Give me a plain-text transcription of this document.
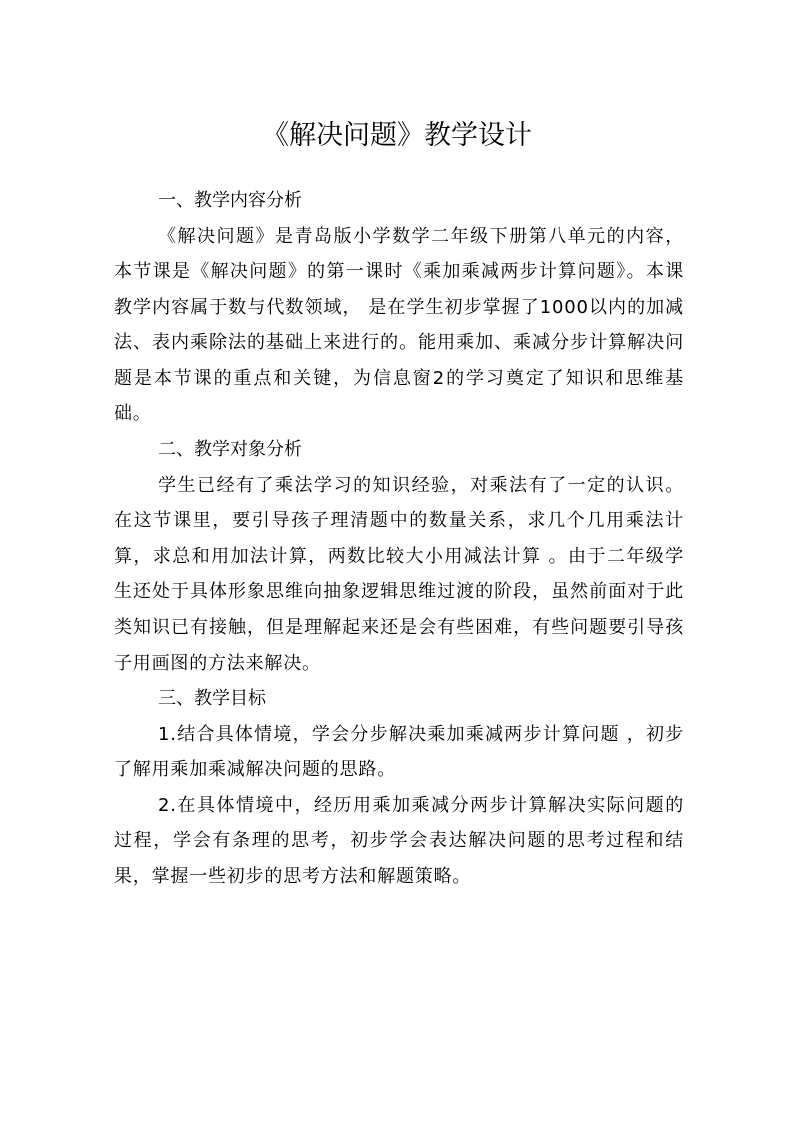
《解决问题》教学设计

一、教学内容分析

《解决问题》是青岛版小学数学二年级下册第八单元的内容，本节课是《解决问题》的第一课时《乘加乘减两步计算问题》。本课教学内容属于数与代数领域， 是在学生初步掌握了1000以内的加减法、表内乘除法的基础上来进行的。能用乘加、乘减分步计算解决问题是本节课的重点和关键，为信息窗2的学习奠定了知识和思维基础。

二、教学对象分析

学生已经有了乘法学习的知识经验，对乘法有了一定的认识。在这节课里，要引导孩子理清题中的数量关系，求几个几用乘法计算，求总和用加法计算，两数比较大小用减法计算 。由于二年级学生还处于具体形象思维向抽象逻辑思维过渡的阶段，虽然前面对于此类知识已有接触，但是理解起来还是会有些困难，有些问题要引导孩子用画图的方法来解决。

三、教学目标

1.结合具体情境，学会分步解决乘加乘减两步计算问题 ，初步了解用乘加乘减解决问题的思路。

2.在具体情境中，经历用乘加乘减分两步计算解决实际问题的过程，学会有条理的思考，初步学会表达解决问题的思考过程和结果，掌握一些初步的思考方法和解题策略。
